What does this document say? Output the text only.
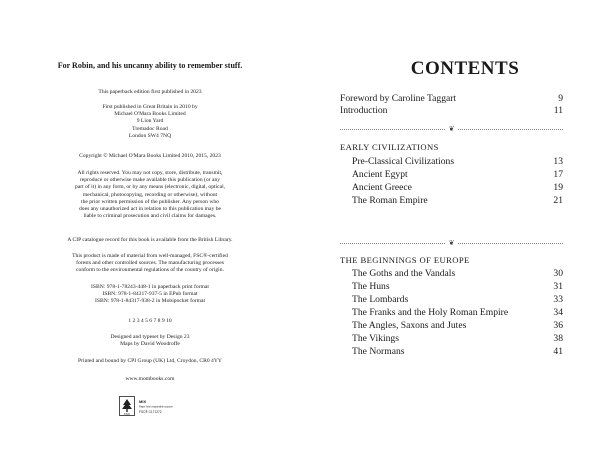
For Robin, and his uncanny ability to remember stuff.
This paperback edition first published in 2023
First published in Great Britain in 2010 by
Michael O'Mara Books Limited
9 Lion Yard
Tremadoc Road
London SW4 7NQ
Copyright © Michael O'Mara Books Limited 2010, 2015, 2023
All rights reserved. You may not copy, store, distribute, transmit,
reproduce or otherwise make available this publication (or any
part of it) in any form, or by any means (electronic, digital, optical,
mechanical, photocopying, recording or otherwise), without
the prior written permission of the publisher. Any person who
does any unauthorized act in relation to this publication may be
liable to criminal prosecution and civil claims for damages.
A CIP catalogue record for this book is available from the British Library.
This product is made of material from well-managed, FSC®-certified
forests and other controlled sources. The manufacturing processes
conform to the environmental regulations of the country of origin.
ISBN: 978-1-78243-448-1 in paperback print format
ISBN: 978-1-84317-937-5 in EPub format
ISBN: 978-1-84317-938-2 in Mobipocket format
1 2 3 4 5 6 7 8 9 10
Designed and typeset by Design 23
Maps by David Woodroffe
Printed and bound by CPI Group (UK) Ltd, Croydon, CR0 4YY
www.mombooks.com
FSC
MIX
Paper from responsible sources
FSC® C171272
CONTENTS
Foreword by Caroline Taggart	9
Introduction	11
❦
EARLY CIVILIZATIONS
Pre-Classical Civilizations	13
Ancient Egypt	17
Ancient Greece	19
The Roman Empire	21
❦
THE BEGINNINGS OF EUROPE
The Goths and the Vandals	30
The Huns	31
The Lombards	33
The Franks and the Holy Roman Empire	34
The Angles, Saxons and Jutes	36
The Vikings	38
The Normans	41
